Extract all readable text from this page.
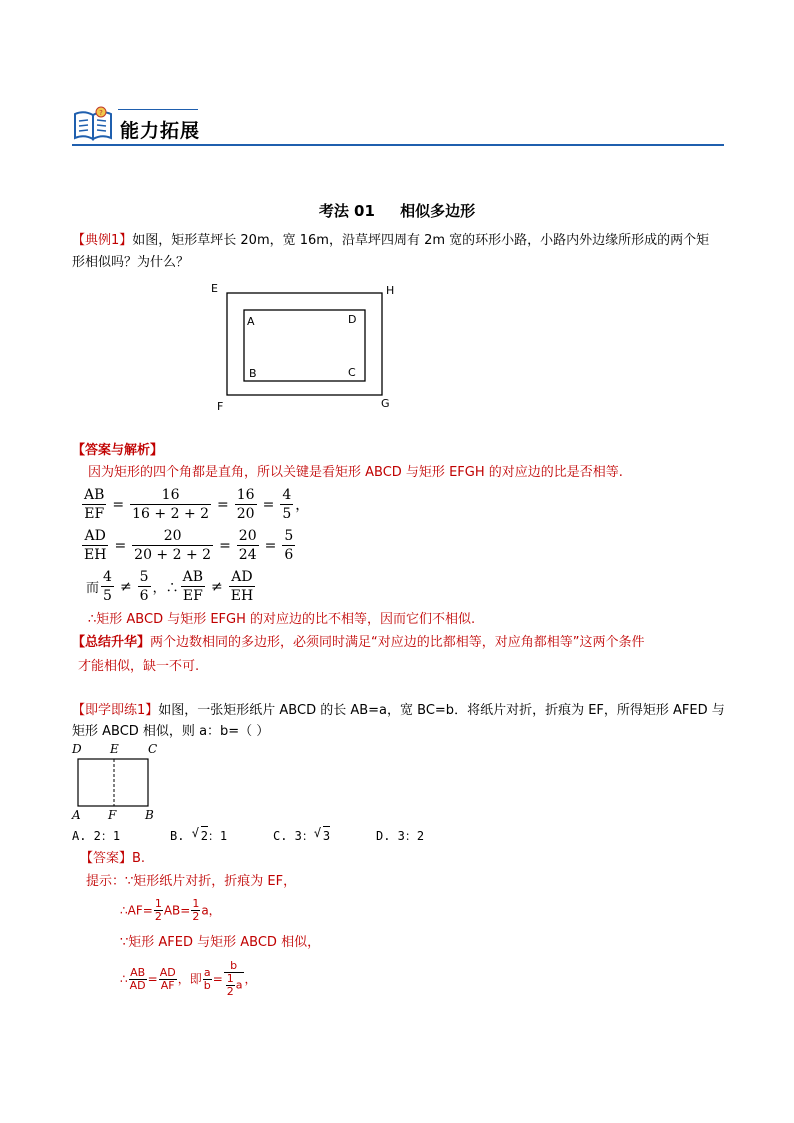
?
能力拓展
考法 01 相似多边形
【典例1】如图，矩形草坪长 20m，宽 16m，沿草坪四周有 2m 宽的环形小路，小路内外边缘所形成的两个矩
形相似吗？为什么？
E	H
F	G
A	D
B	C
【答案与解析】
因为矩形的四个角都是直角，所以关键是看矩形 ABCD 与矩形 EFGH 的对应边的比是否相等.
$\frac{AB}{EF} = \frac{16}{16 + 2 + 2} = \frac{16}{20} = \frac{4}{5}$ ，
$\frac{AD}{EH} = \frac{20}{20 + 2 + 2} = \frac{20}{24} = \frac{5}{6}$
而 $\frac{4}{5} \ne \frac{5}{6}$ ，∴ $\frac{AB}{EF} \ne \frac{AD}{EH}$
∴矩形 ABCD 与矩形 EFGH 的对应边的比不相等，因而它们不相似.
【总结升华】两个边数相同的多边形，必须同时满足“对应边的比都相等，对应角都相等”这两个条件
才能相似，缺一不可.
【即学即练1】如图，一张矩形纸片 ABCD 的长 AB=a，宽 BC=b．将纸片对折，折痕为 EF，所得矩形 AFED 与
矩形 ABCD 相似，则 a：b=（ ）
D E C
A F B
A. 2：1	B. √ 2：1	C. 3： √ 3	D. 3：2
【答案】B.
提示：∵矩形纸片对折，折痕为 EF，
∴AF= $\frac{1}{2} AB= \frac{1}{2}$ a，
∵矩形 AFED 与矩形 ABCD 相似，
∴ $\frac{AB}{AD} = \frac{AD}{AF}$ ，即 $\frac{a}{b} = \frac{b}{\frac{1}{2} a}$ ，
